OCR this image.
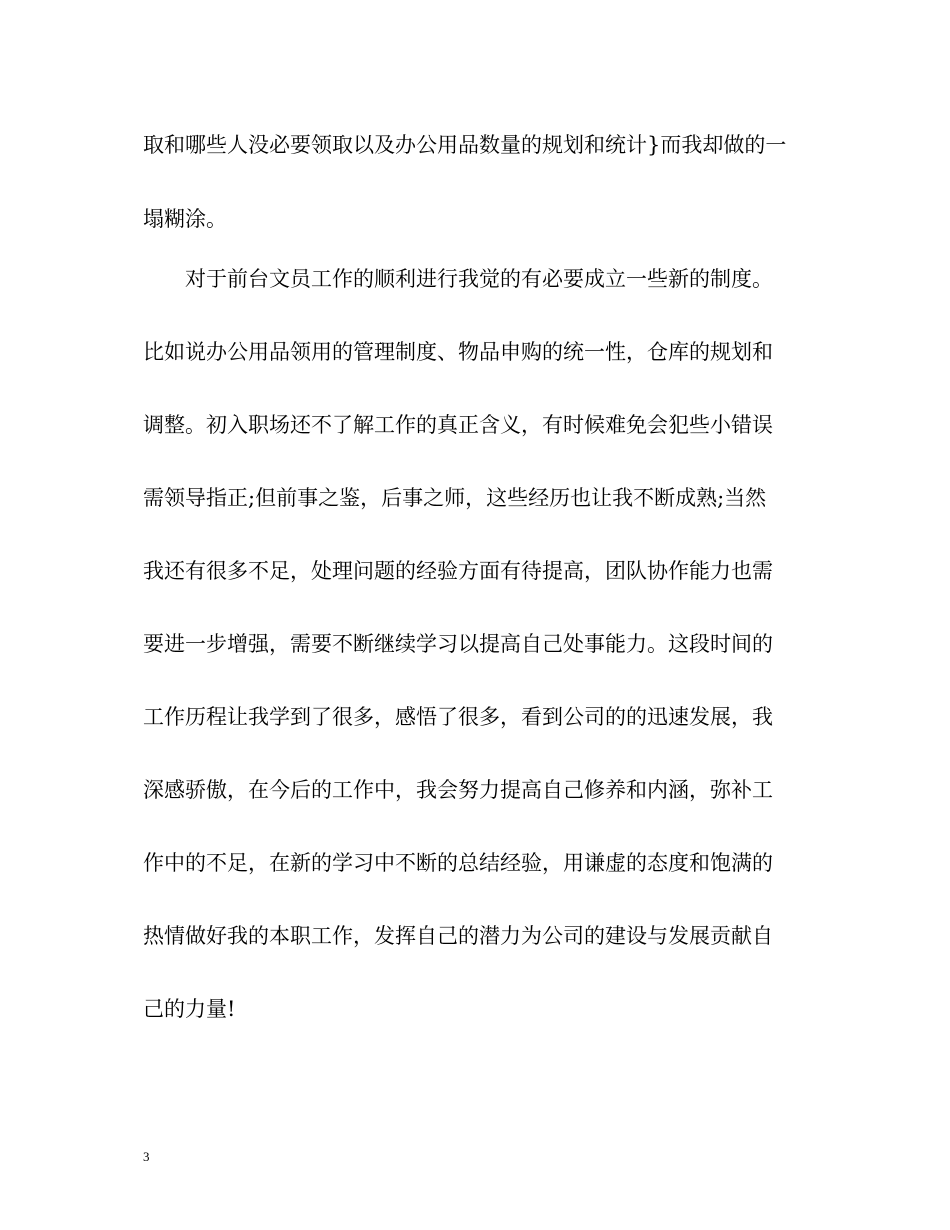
取和哪些人没必要领取以及办公用品数量的规划和统计}而我却做的一
塌糊涂。
对于前台文员工作的顺利进行我觉的有必要成立一些新的制度。
比如说办公用品领用的管理制度、物品申购的统一性，仓库的规划和
调整。初入职场还不了解工作的真正含义，有时候难免会犯些小错误
需领导指正;但前事之鉴，后事之师，这些经历也让我不断成熟;当然
我还有很多不足，处理问题的经验方面有待提高，团队协作能力也需
要进一步增强，需要不断继续学习以提高自己处事能力。这段时间的
工作历程让我学到了很多，感悟了很多，看到公司的的迅速发展，我
深感骄傲，在今后的工作中，我会努力提高自己修养和内涵，弥补工
作中的不足，在新的学习中不断的总结经验，用谦虚的态度和饱满的
热情做好我的本职工作，发挥自己的潜力为公司的建设与发展贡献自
己的力量!
3
